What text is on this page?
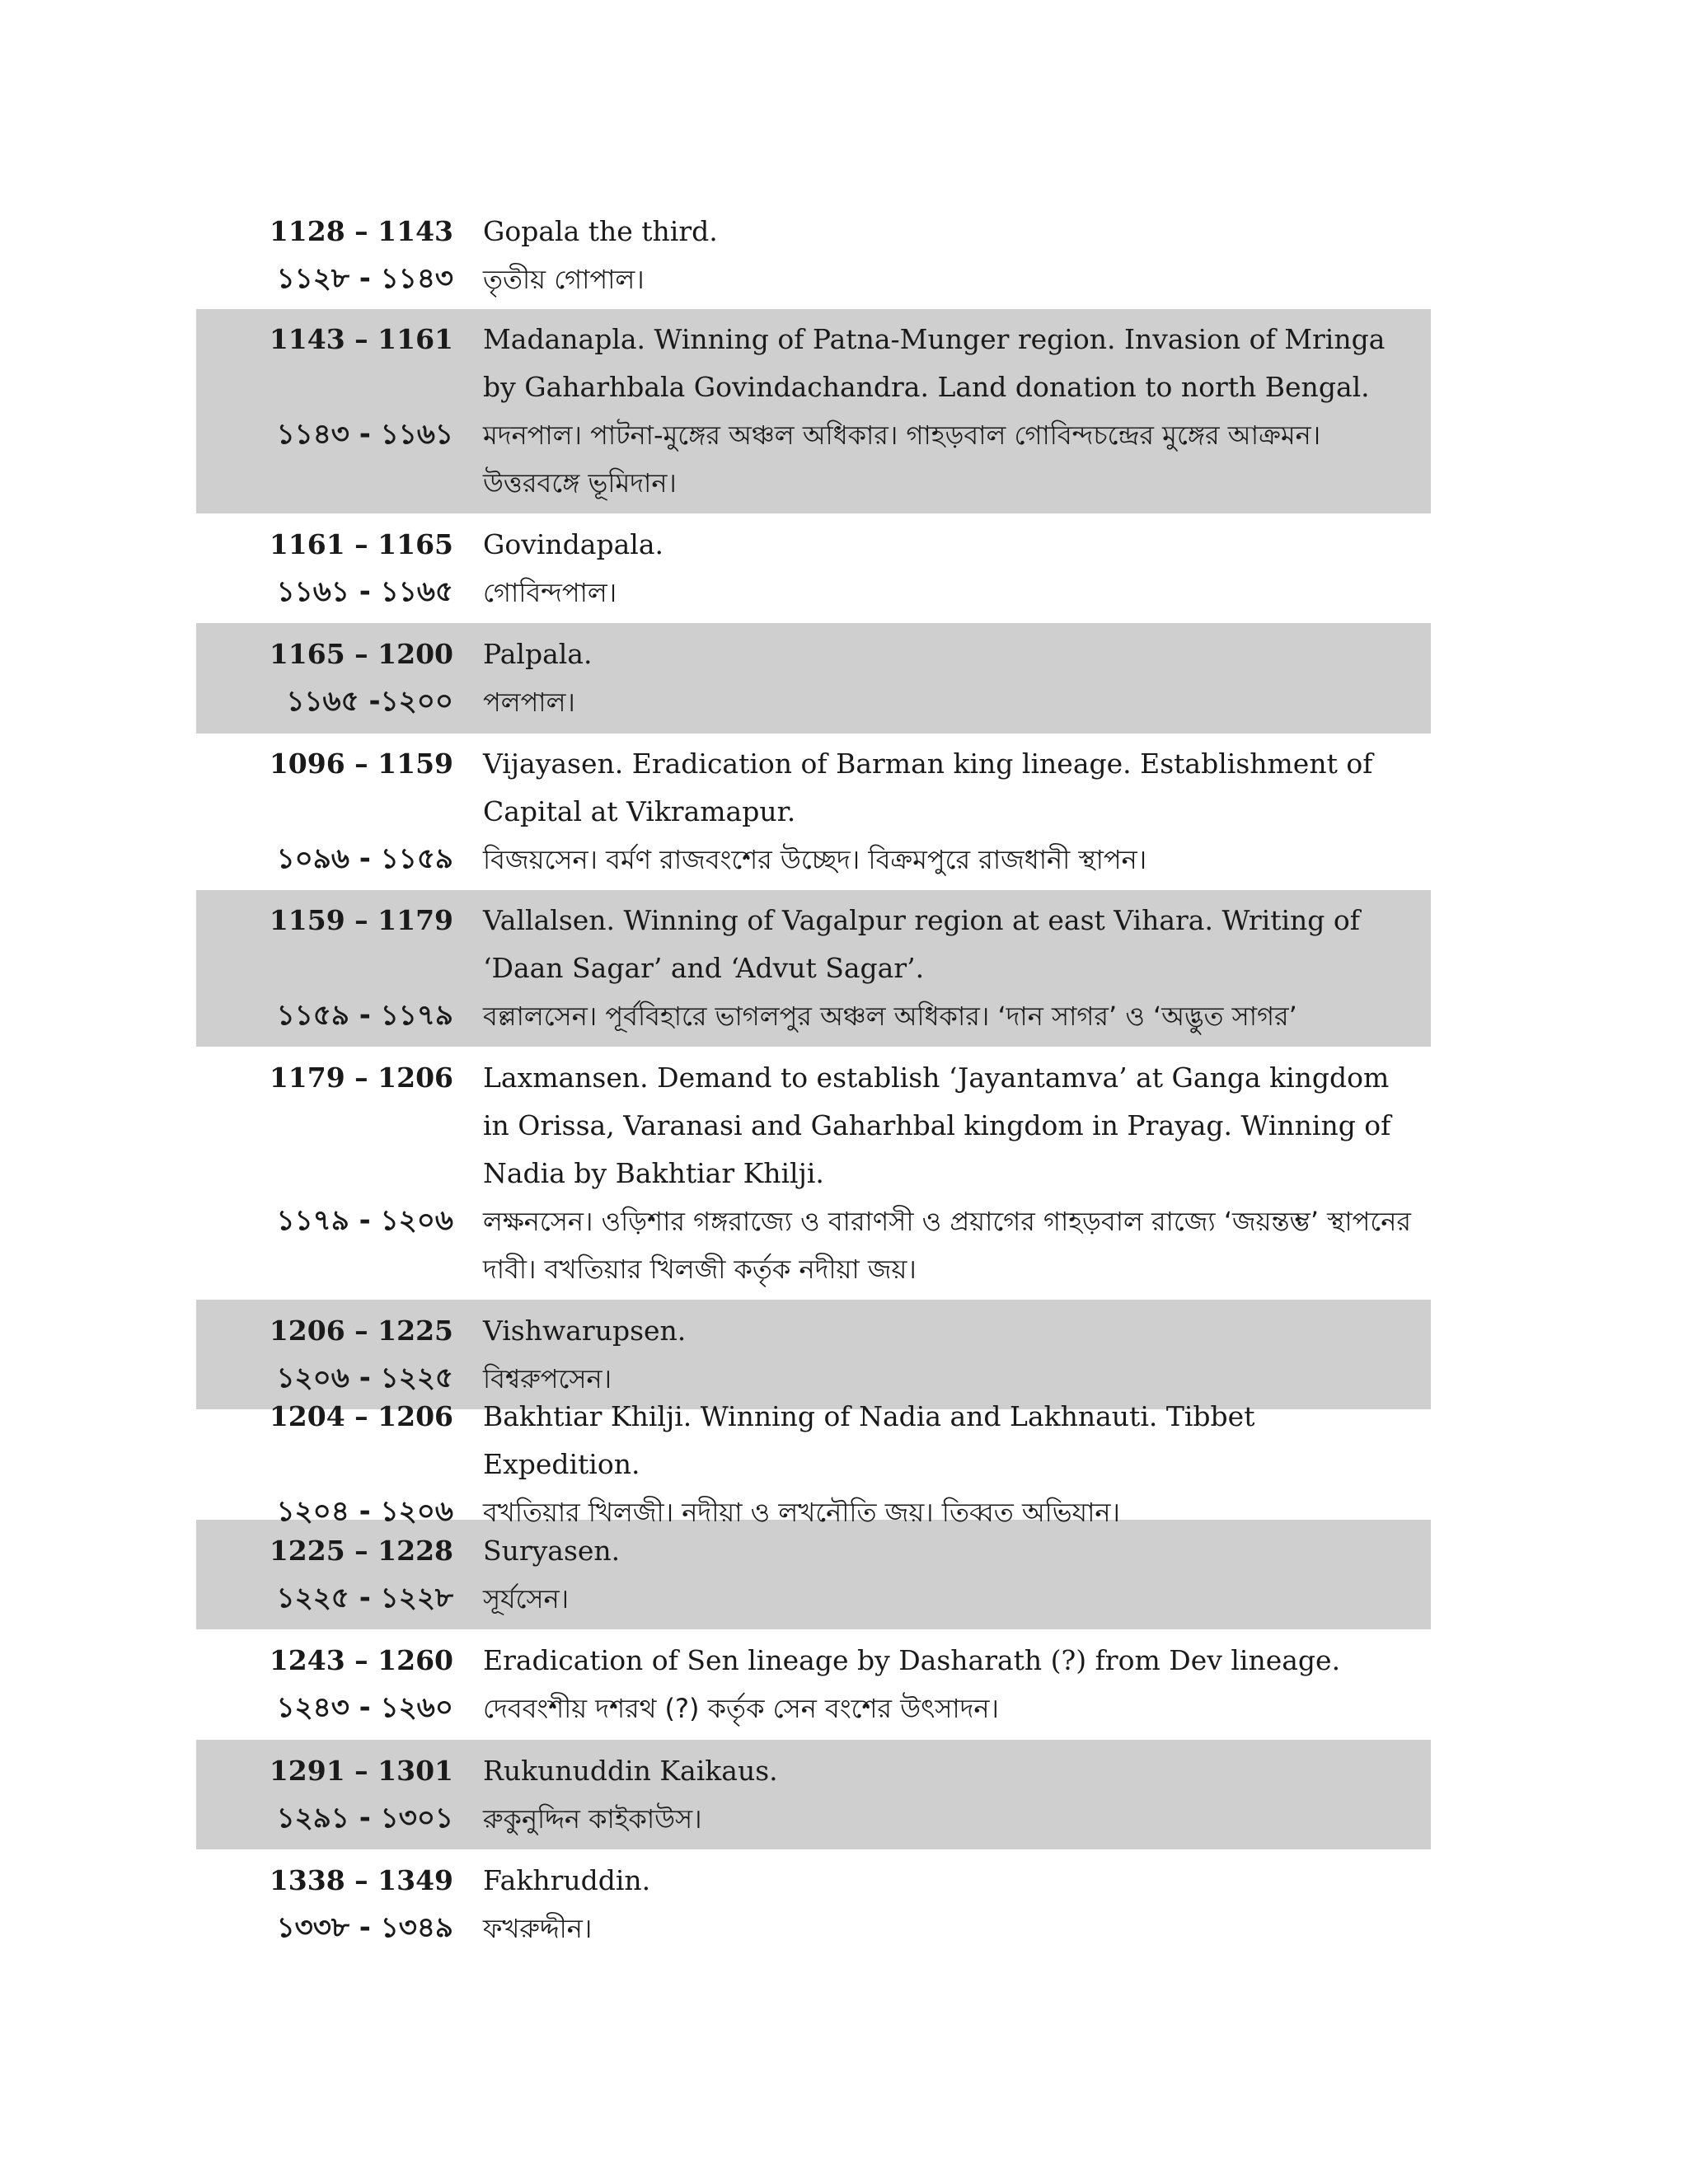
1128 – 1143	Gopala the third.
১১২৮ - ১১৪৩	তৃতীয় গোপাল।
1143 – 1161	Madanapla. Winning of Patna-Munger region. Invasion of Mringa by Gaharhbala Govindachandra. Land donation to north Bengal.
১১৪৩ - ১১৬১	মদনপাল। পাটনা-মুঙ্গের অঞ্চল অধিকার। গাহড়বাল গোবিন্দচন্দ্রের মুঙ্গের আক্রমন। উত্তরবঙ্গে ভূমিদান।
1161 – 1165	Govindapala.
১১৬১ - ১১৬৫	গোবিন্দপাল।
1165 – 1200	Palpala.
১১৬৫ -১২০০	পলপাল।
1096 – 1159	Vijayasen. Eradication of Barman king lineage. Establishment of Capital at Vikramapur.
১০৯৬ - ১১৫৯	বিজয়সেন। বর্মণ রাজবংশের উচ্ছেদ। বিক্রমপুরে রাজধানী স্থাপন।
1159 – 1179	Vallalsen. Winning of Vagalpur region at east Vihara. Writing of ‘Daan Sagar’ and ‘Advut Sagar’.
১১৫৯ - ১১৭৯	বল্লালসেন। পূর্ববিহারে ভাগলপুর অঞ্চল অধিকার। ‘দান সাগর’ ও ‘অদ্ভুত সাগর’
1179 – 1206	Laxmansen. Demand to establish ‘Jayantamva’ at Ganga kingdom in Orissa, Varanasi and Gaharhbal kingdom in Prayag. Winning of Nadia by Bakhtiar Khilji.
১১৭৯ - ১২০৬	লক্ষনসেন। ওড়িশার গঙ্গরাজ্যে ও বারাণসী ও প্রয়াগের গাহড়বাল রাজ্যে ‘জয়ন্তম্ভ’ স্থাপনের দাবী। বখতিয়ার খিলজী কর্তৃক নদীয়া জয়।
1206 – 1225	Vishwarupsen.
১২০৬ - ১২২৫	বিশ্বরুপসেন।
1204 – 1206	Bakhtiar Khilji. Winning of Nadia and Lakhnauti. Tibbet Expedition.
১২০৪ - ১২০৬	বখতিয়ার খিলজী। নদীয়া ও লখনৌতি জয়। তিব্বত অভিযান।
1225 – 1228	Suryasen.
১২২৫ - ১২২৮	সূর্যসেন।
1243 – 1260	Eradication of Sen lineage by Dasharath (?) from Dev lineage.
১২৪৩ - ১২৬০	দেববংশীয় দশরথ (?) কর্তৃক সেন বংশের উৎসাদন।
1291 – 1301	Rukunuddin Kaikaus.
১২৯১ - ১৩০১	রুকুনুদ্দিন কাইকাউস।
1338 – 1349	Fakhruddin.
১৩৩৮ - ১৩৪৯	ফখরুদ্দীন।
